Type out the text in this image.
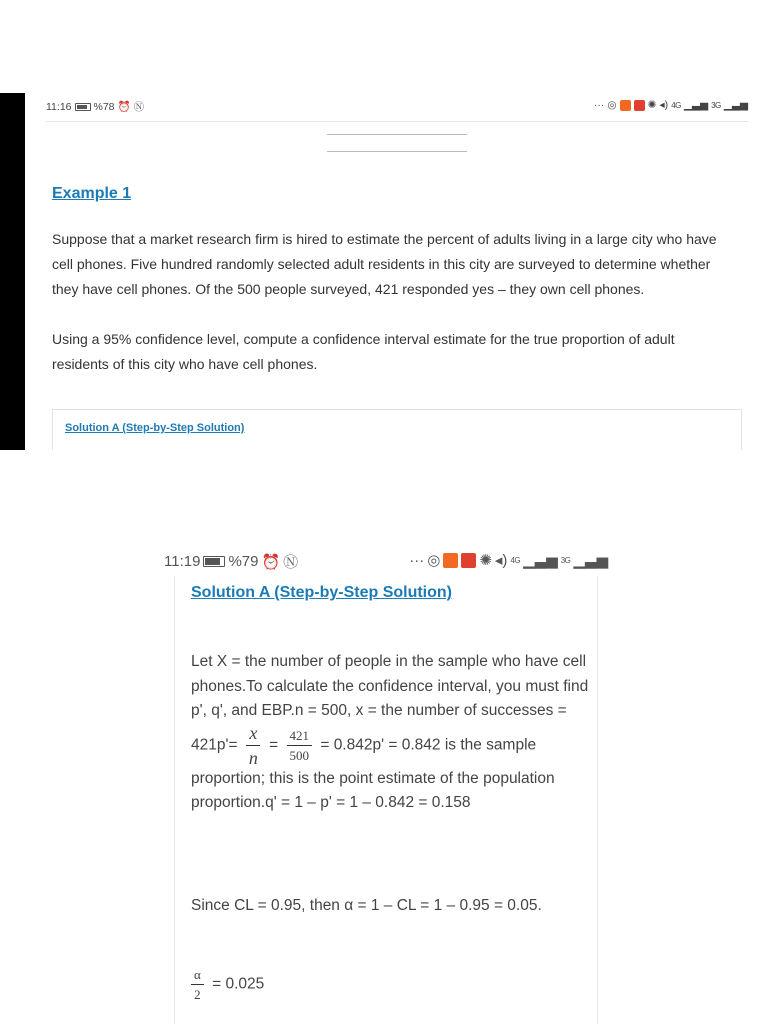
11:16 %78 ⏰ Ⓝ	··· ◎	✺ ◂) 4G ▁▃▅ 3G ▁▃▅
Example 1

Suppose that a market research firm is hired to estimate the percent of adults living in a large city who have cell phones. Five hundred randomly selected adult residents in this city are surveyed to determine whether they have cell phones. Of the 500 people surveyed, 421 responded yes – they own cell phones.

Using a 95% confidence level, compute a confidence interval estimate for the true proportion of adult residents of this city who have cell phones.

Solution A (Step-by-Step Solution)
11:19 %79 ⏰ Ⓝ	··· ◎	✺ ◂) 4G ▁▃▅ 3G ▁▃▅
Solution A (Step-by-Step Solution)

Let X = the number of people in the sample who have cell phones.To calculate the confidence interval, you must find p', q', and EBP.n = 500, x = the number of successes = $421p'= \frac{x}{n} = \frac{421}{500} = 0.842p' = 0.842$ is the sample proportion; this is the point estimate of the population proportion.q' = 1 – p' = 1 – 0.842 = 0.158

Since CL = 0.95, then α = 1 – CL = 1 – 0.95 = 0.05.

$\frac{\alpha}{2} = 0.025$
